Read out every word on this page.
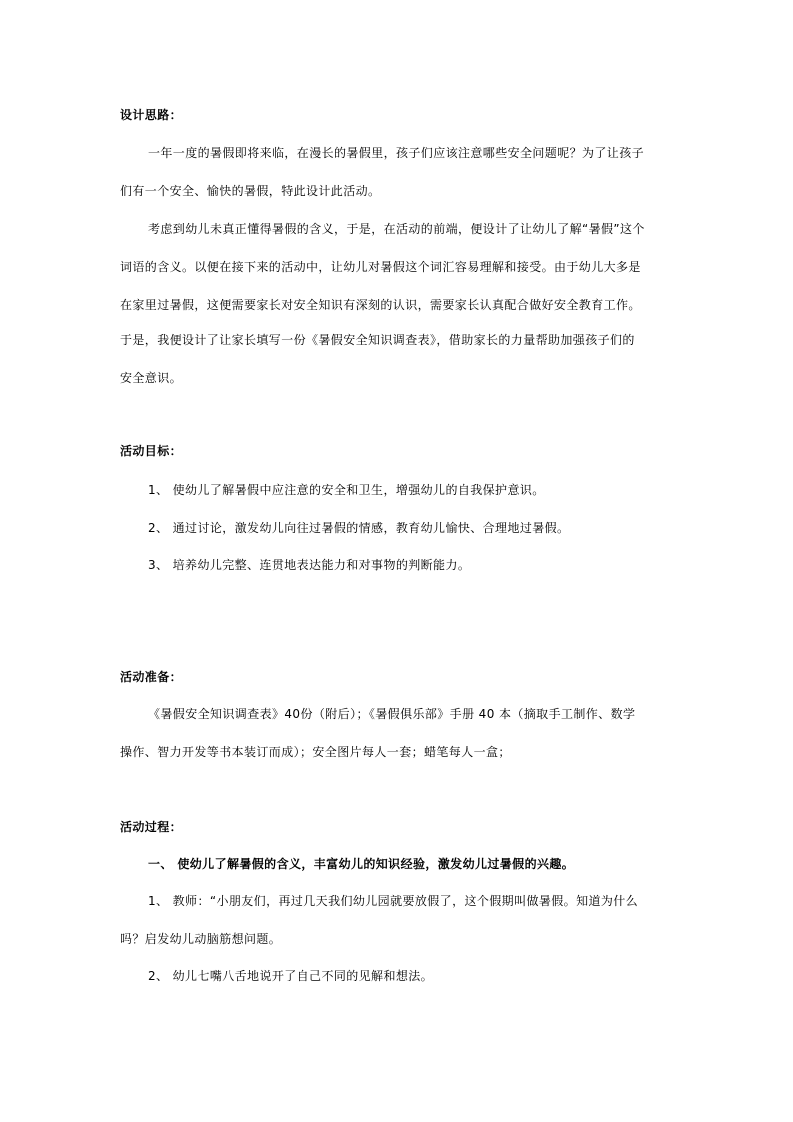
设计思路：
一年一度的暑假即将来临，在漫长的暑假里，孩子们应该注意哪些安全问题呢？为了让孩子
们有一个安全、愉快的暑假，特此设计此活动。
考虑到幼儿未真正懂得暑假的含义，于是，在活动的前端，便设计了让幼儿了解“暑假”这个
词语的含义。以便在接下来的活动中，让幼儿对暑假这个词汇容易理解和接受。由于幼儿大多是
在家里过暑假，这便需要家长对安全知识有深刻的认识，需要家长认真配合做好安全教育工作。
于是，我便设计了让家长填写一份《暑假安全知识调查表》，借助家长的力量帮助加强孩子们的
安全意识。
活动目标：
1、 使幼儿了解暑假中应注意的安全和卫生，增强幼儿的自我保护意识。
2、 通过讨论，激发幼儿向往过暑假的情感，教育幼儿愉快、合理地过暑假。
3、 培养幼儿完整、连贯地表达能力和对事物的判断能力。
活动准备：
《暑假安全知识调查表》40份（附后）；《暑假俱乐部》手册 40 本（摘取手工制作、数学
操作、智力开发等书本装订而成）；安全图片每人一套；蜡笔每人一盒；
活动过程：
一、 使幼儿了解暑假的含义，丰富幼儿的知识经验，激发幼儿过暑假的兴趣。
1、 教师：“小朋友们，再过几天我们幼儿园就要放假了，这个假期叫做暑假。知道为什么
吗？启发幼儿动脑筋想问题。
2、 幼儿七嘴八舌地说开了自己不同的见解和想法。
